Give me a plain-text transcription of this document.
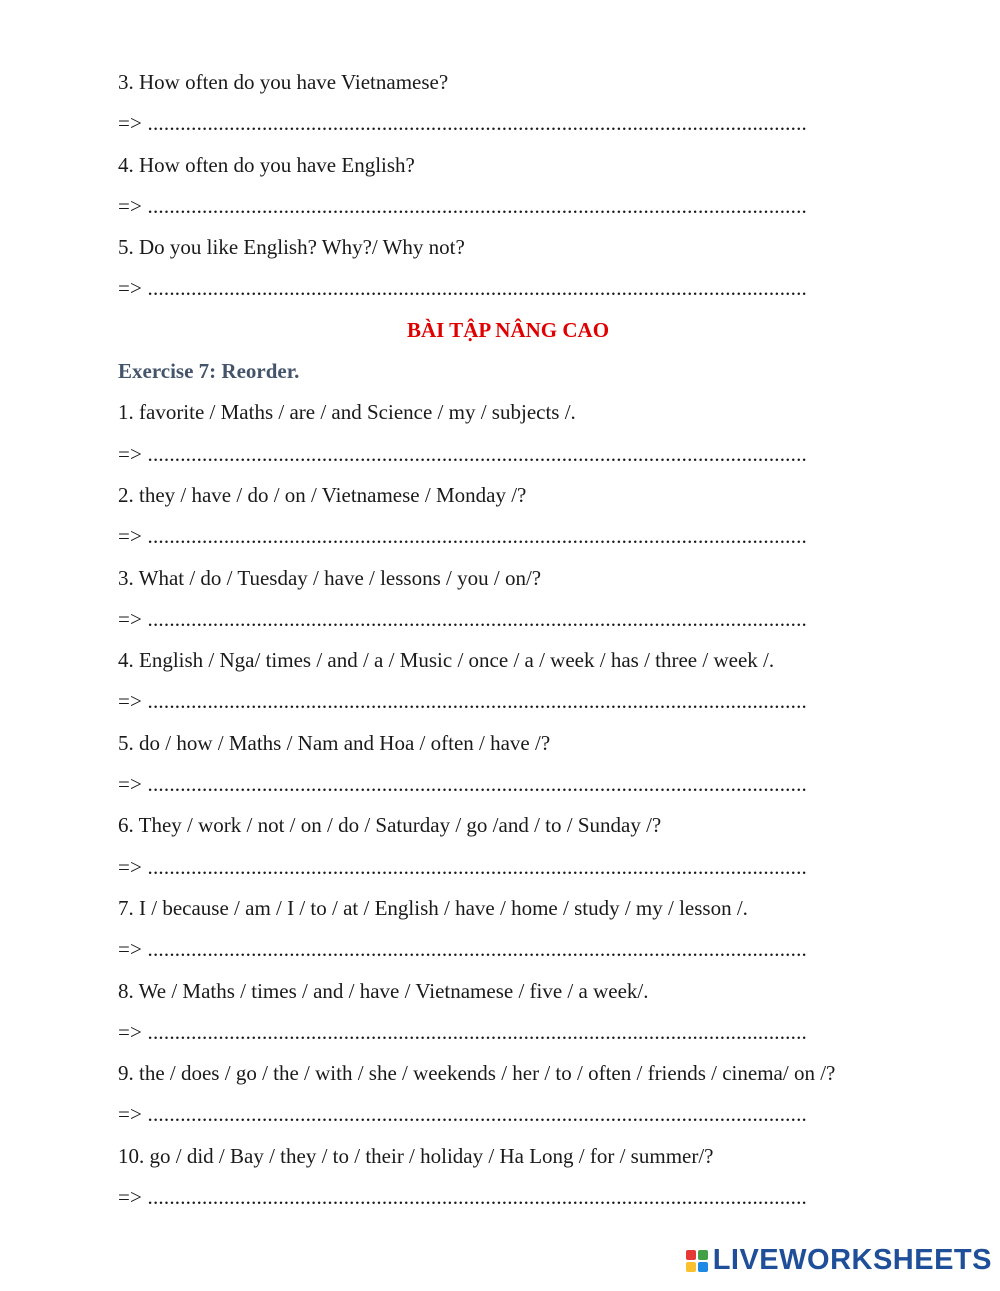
3. How often do you have Vietnamese?
=> .........................................................................................................................
4. How often do you have English?
=> .........................................................................................................................
5. Do you like English? Why?/ Why not?
=> .........................................................................................................................
BÀI TẬP NÂNG CAO
Exercise 7: Reorder.
1. favorite / Maths / are / and Science / my / subjects /.
=> .........................................................................................................................
2. they / have / do / on / Vietnamese / Monday /?
=> .........................................................................................................................
3. What / do / Tuesday / have / lessons / you / on/?
=> .........................................................................................................................
4. English / Nga/ times / and / a / Music / once / a / week / has / three / week /.
=> .........................................................................................................................
5. do / how / Maths / Nam and Hoa / often / have /?
=> .........................................................................................................................
6. They / work / not / on / do / Saturday / go /and / to / Sunday /?
=> .........................................................................................................................
7. I / because / am / I / to / at / English / have / home / study / my / lesson /.
=> .........................................................................................................................
8. We / Maths / times / and / have / Vietnamese / five / a week/.
=> .........................................................................................................................
9. the / does / go / the / with / she / weekends / her / to / often / friends / cinema/ on /?
=> .........................................................................................................................
10. go / did / Bay / they / to / their / holiday / Ha Long / for / summer/?
=> .........................................................................................................................
LIVEWORKSHEETS
